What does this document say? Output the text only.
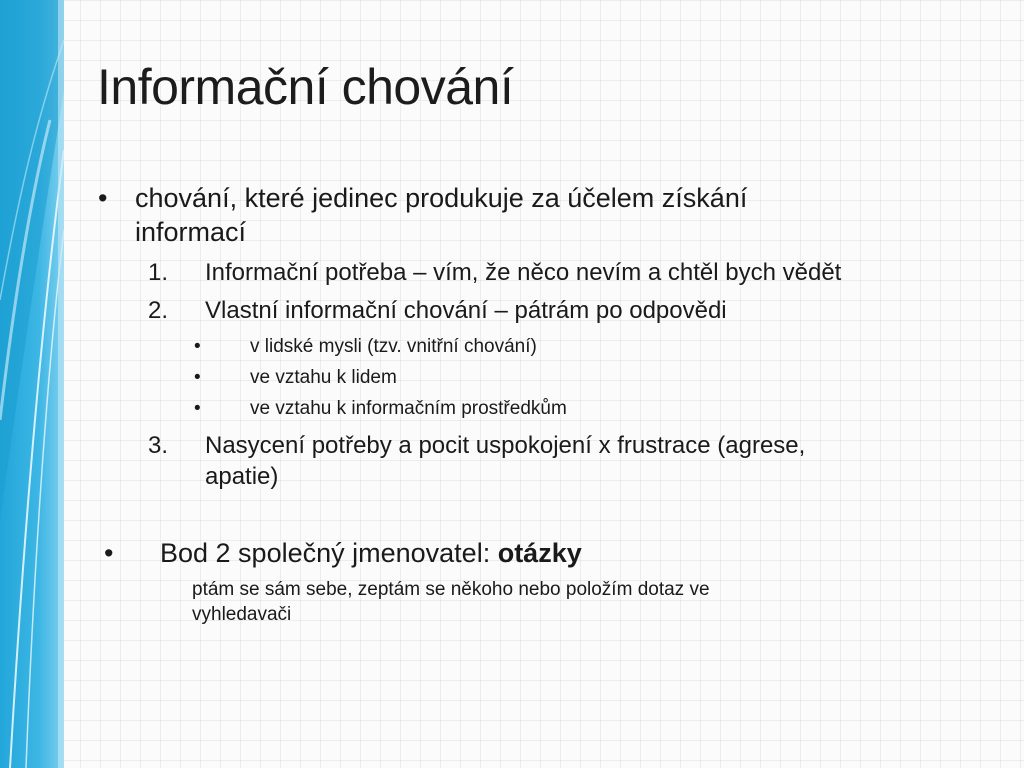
Informační chování
• chování, které jedinec produkuje za účelem získání
informací
1. Informační potřeba – vím, že něco nevím a chtěl bych vědět
2. Vlastní informační chování – pátrám po odpovědi
•	v lidské mysli (tzv. vnitřní chování)
•	ve vztahu k lidem
•	ve vztahu k informačním prostředkům
3. Nasycení potřeby a pocit uspokojení x frustrace (agrese,
apatie)
• Bod 2 společný jmenovatel: otázky
ptám se sám sebe, zeptám se někoho nebo položím dotaz ve
vyhledavači
